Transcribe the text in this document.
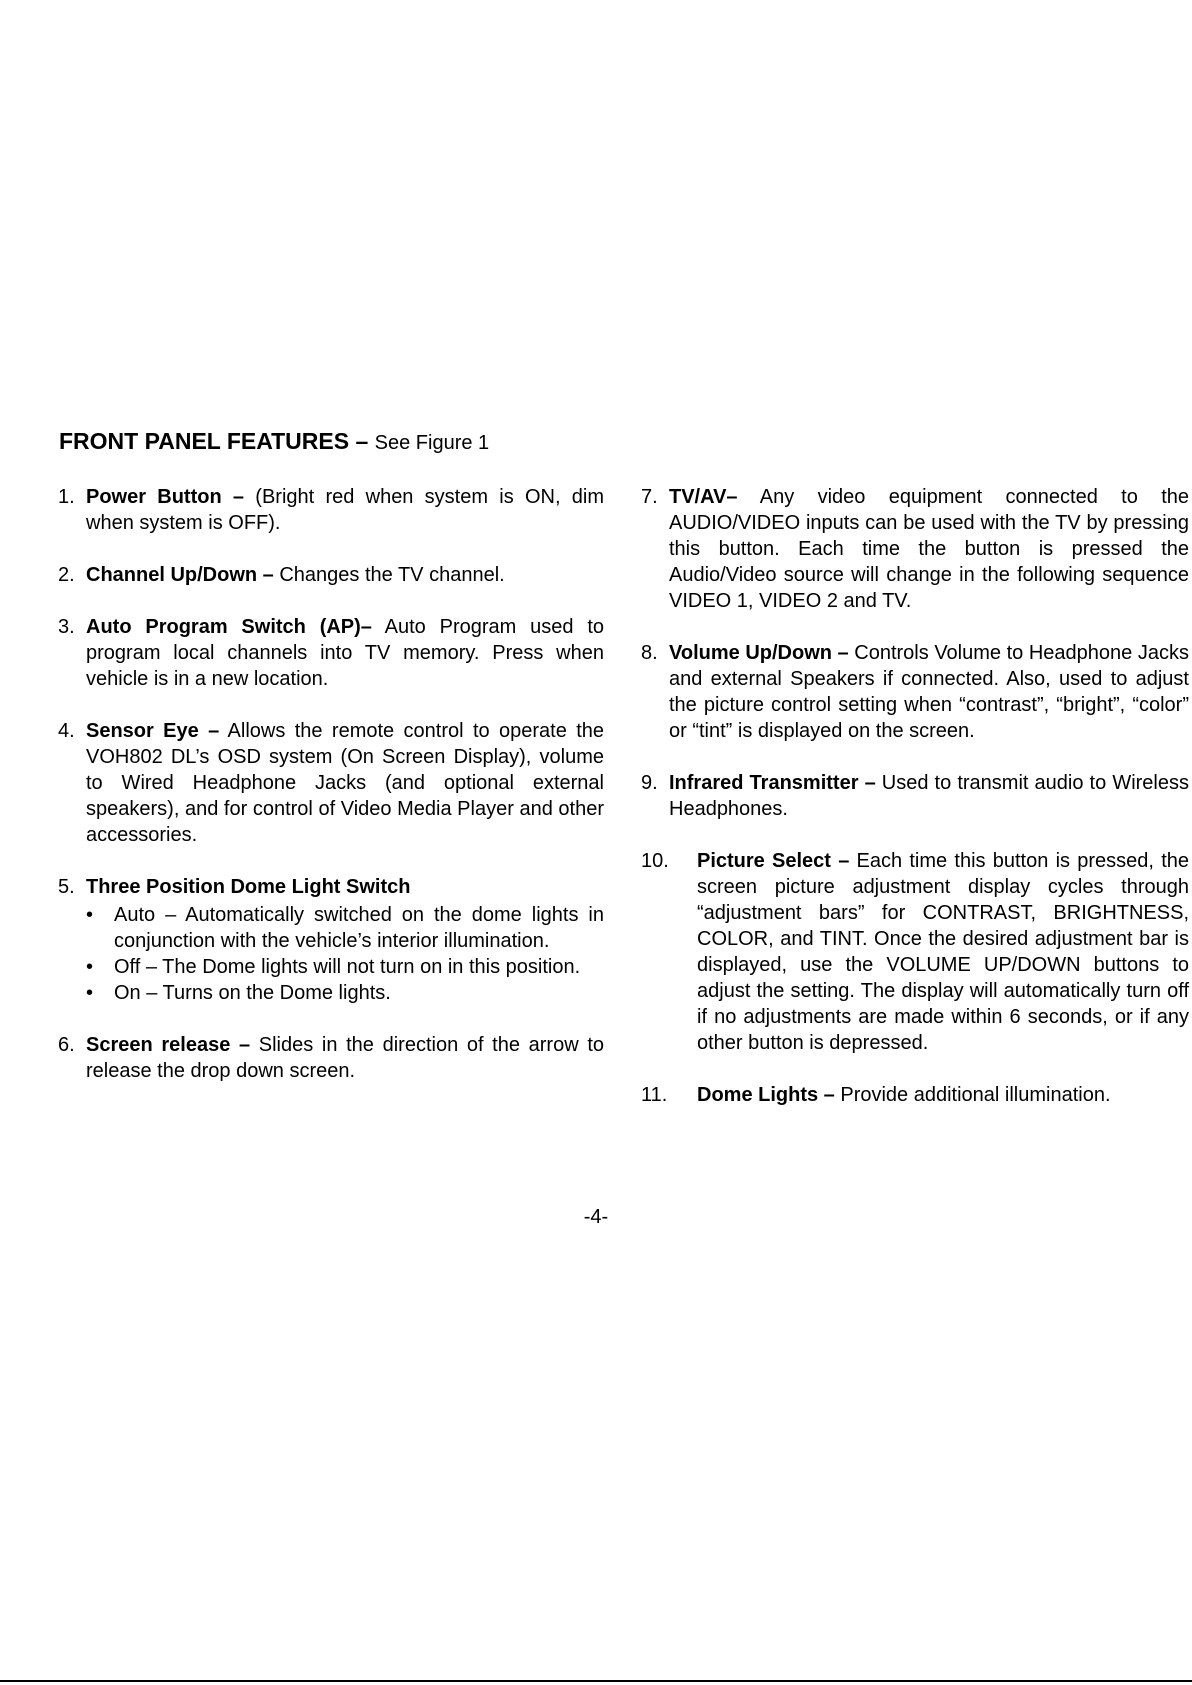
FRONT PANEL FEATURES – See Figure 1
1. Power Button – (Bright red when system is ON, dim when system is OFF).
2. Channel Up/Down – Changes the TV channel.
3. Auto Program Switch (AP)– Auto Program used to program local channels into TV memory. Press when vehicle is in a new location.
4. Sensor Eye – Allows the remote control to operate the VOH802 DL’s OSD system (On Screen Display), volume to Wired Headphone Jacks (and optional external speakers), and for control of Video Media Player and other accessories.
5. Three Position Dome Light Switch
•	Auto – Automatically switched on the dome lights in conjunction with the vehicle’s interior illumination.
•	Off – The Dome lights will not turn on in this position.
•	On – Turns on the Dome lights.
6. Screen release – Slides in the direction of the arrow to release the drop down screen.
7. TV/AV– Any video equipment connected to the AUDIO/VIDEO inputs can be used with the TV by pressing this button. Each time the button is pressed the Audio/Video source will change in the following sequence VIDEO 1, VIDEO 2 and TV.
8. Volume Up/Down – Controls Volume to Headphone Jacks and external Speakers if connected. Also, used to adjust the picture control setting when “contrast”, “bright”, “color” or “tint” is displayed on the screen.
9. Infrared Transmitter – Used to transmit audio to Wireless Headphones.
10.	Picture Select – Each time this button is pressed, the screen picture adjustment display cycles through “adjustment bars” for CONTRAST, BRIGHTNESS, COLOR, and TINT. Once the desired adjustment bar is displayed, use the VOLUME UP/DOWN buttons to adjust the setting. The display will automatically turn off if no adjustments are made within 6 seconds, or if any other button is depressed.
11.	Dome Lights – Provide additional illumination.
-4-
